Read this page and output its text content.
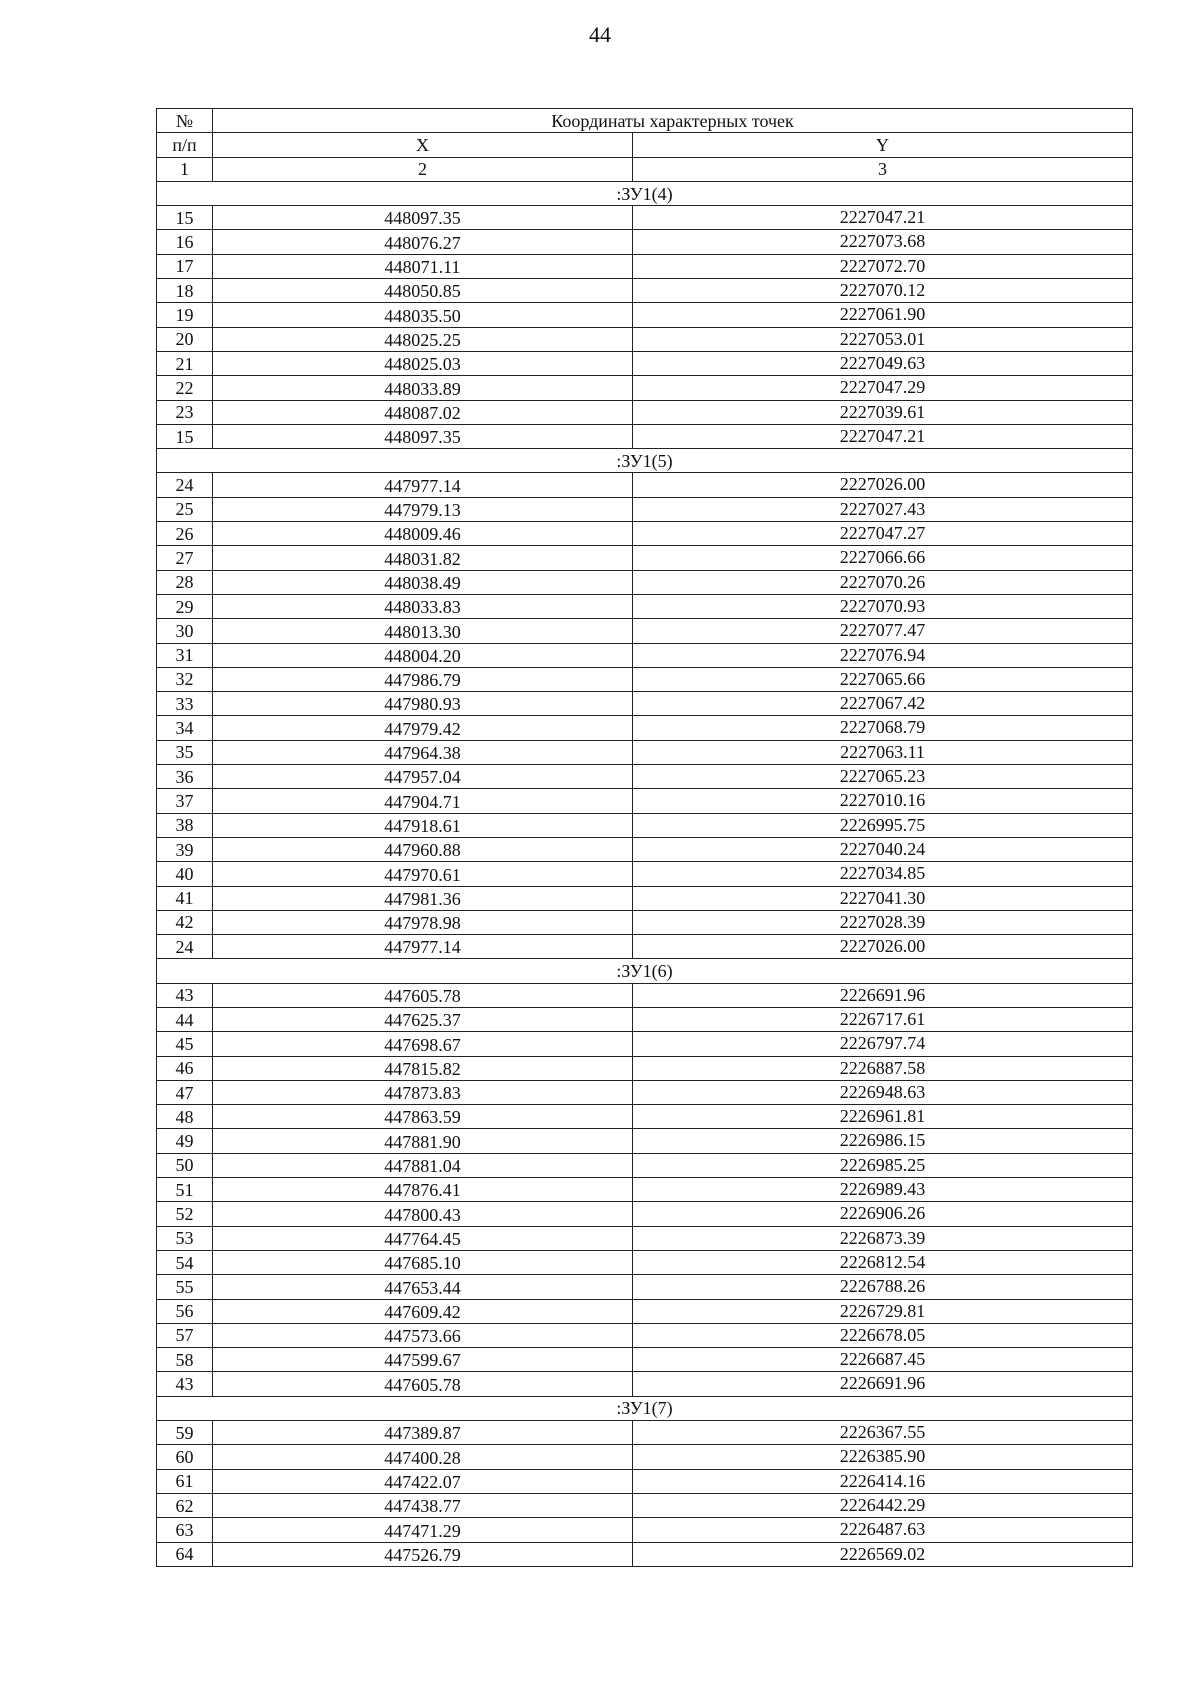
44
№	Координаты характерных точек	
п/п	X	Y
1	2	3
:ЗУ1(4)		
15	448097.35	2227047.21
16	448076.27	2227073.68
17	448071.11	2227072.70
18	448050.85	2227070.12
19	448035.50	2227061.90
20	448025.25	2227053.01
21	448025.03	2227049.63
22	448033.89	2227047.29
23	448087.02	2227039.61
15	448097.35	2227047.21
:ЗУ1(5)		
24	447977.14	2227026.00
25	447979.13	2227027.43
26	448009.46	2227047.27
27	448031.82	2227066.66
28	448038.49	2227070.26
29	448033.83	2227070.93
30	448013.30	2227077.47
31	448004.20	2227076.94
32	447986.79	2227065.66
33	447980.93	2227067.42
34	447979.42	2227068.79
35	447964.38	2227063.11
36	447957.04	2227065.23
37	447904.71	2227010.16
38	447918.61	2226995.75
39	447960.88	2227040.24
40	447970.61	2227034.85
41	447981.36	2227041.30
42	447978.98	2227028.39
24	447977.14	2227026.00
:ЗУ1(6)		
43	447605.78	2226691.96
44	447625.37	2226717.61
45	447698.67	2226797.74
46	447815.82	2226887.58
47	447873.83	2226948.63
48	447863.59	2226961.81
49	447881.90	2226986.15
50	447881.04	2226985.25
51	447876.41	2226989.43
52	447800.43	2226906.26
53	447764.45	2226873.39
54	447685.10	2226812.54
55	447653.44	2226788.26
56	447609.42	2226729.81
57	447573.66	2226678.05
58	447599.67	2226687.45
43	447605.78	2226691.96
:ЗУ1(7)		
59	447389.87	2226367.55
60	447400.28	2226385.90
61	447422.07	2226414.16
62	447438.77	2226442.29
63	447471.29	2226487.63
64	447526.79	2226569.02
